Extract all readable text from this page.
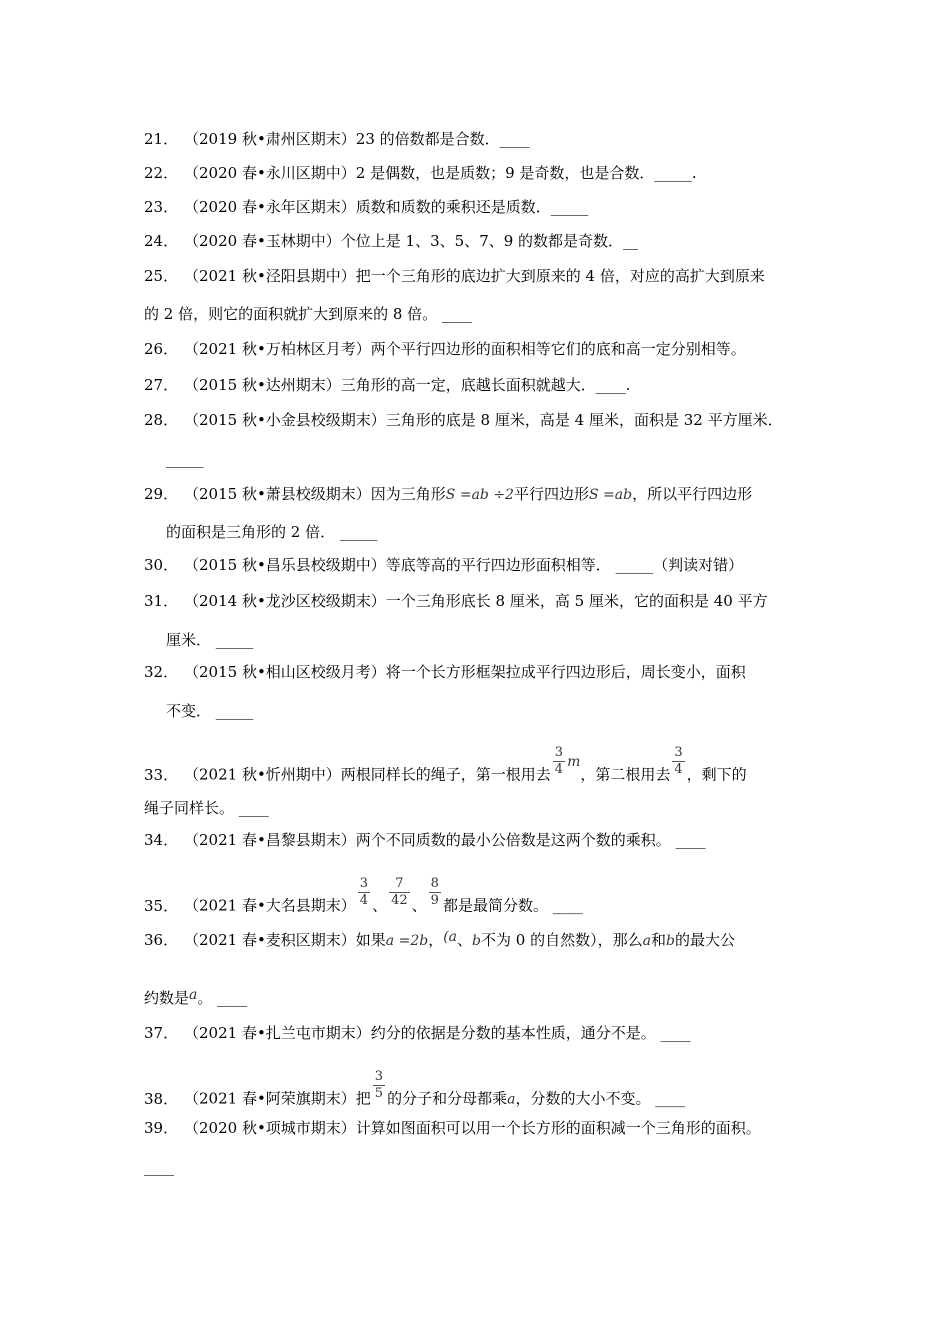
21． （2019 秋•肃州区期末）23 的倍数都是合数．____
22． （2020 春•永川区期中）2 是偶数，也是质数；9 是奇数，也是合数．_____.
23． （2020 春•永年区期末）质数和质数的乘积还是质数．_____
24． （2020 春•玉林期中）个位上是 1、3、5、7、9 的数都是奇数．__
25． （2021 秋•泾阳县期中）把一个三角形的底边扩大到原来的 4 倍，对应的高扩大到原来
的 2 倍，则它的面积就扩大到原来的 8 倍。 ____
26． （2021 秋•万柏林区月考）两个平行四边形的面积相等它们的底和高一定分别相等。
27． （2015 秋•达州期末）三角形的高一定，底越长面积就越大．____.
28． （2015 秋•小金县校级期末）三角形的底是 8 厘米，高是 4 厘米，面积是 32 平方厘米．
_____
29． （2015 秋•萧县校级期末）因为三角形S =ab ÷2平行四边形S =ab，所以平行四边形
的面积是三角形的 2 倍． _____
30． （2015 秋•昌乐县校级期中）等底等高的平行四边形面积相等． _____（判读对错）
31． （2014 秋•龙沙区校级期末）一个三角形底长 8 厘米，高 5 厘米，它的面积是 40 平方
厘米． _____
32． （2015 秋•相山区校级月考）将一个长方形框架拉成平行四边形后，周长变小，面积
不变． _____
33． （2021 秋•忻州期中）两根同样长的绳子，第一根用去 $\frac{3}{4}$ m，第二根用去 $\frac{3}{4}$ ，剩下的
绳子同样长。 ____
34． （2021 春•昌黎县期末）两个不同质数的最小公倍数是这两个数的乘积。 ____
35． （2021 春•大名县期末） $\frac{3}{4}$ 、 $\frac{7}{42}$ 、 $\frac{8}{9}$ 都是最简分数。 ____
36． （2021 春•麦积区期末）如果a =2b，(a、b不为 0 的自然数），那么a和b的最大公
约数是a。 ____
37． （2021 春•扎兰屯市期末）约分的依据是分数的基本性质，通分不是。 ____
38． （2021 春•阿荣旗期末）把 $\frac{3}{5}$ 的分子和分母都乘a，分数的大小不变。 ____
39． （2020 秋•项城市期末）计算如图面积可以用一个长方形的面积减一个三角形的面积。
____
